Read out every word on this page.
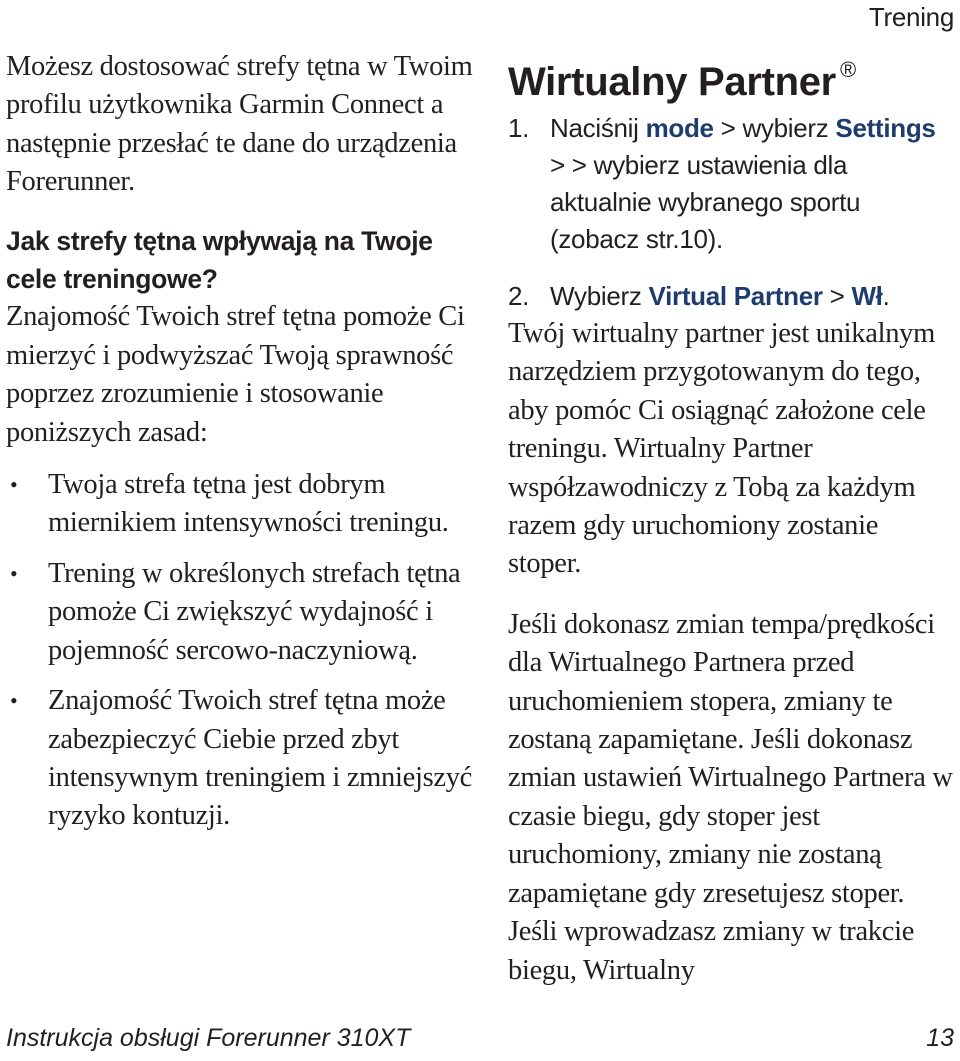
Trening

Możesz dostosować strefy tętna w Twoim profilu użytkownika Garmin Connect a następnie przesłać te dane do urządzenia Forerunner.

Jak strefy tętna wpływają na Twoje cele treningowe?

Znajomość Twoich stref tętna pomoże Ci mierzyć i podwyższać Twoją sprawność poprzez zrozumienie i stosowanie poniższych zasad:

• Twoja strefa tętna jest dobrym miernikiem intensywności treningu.
• Trening w określonych strefach tętna pomoże Ci zwiększyć wydajność i pojemność sercowo-naczyniową.
• Znajomość Twoich stref tętna może zabezpieczyć Ciebie przed zbyt intensywnym treningiem i zmniejszyć ryzyko kontuzji.
Wirtualny Partner ®
1. Naciśnij mode > wybierz Settings > > wybierz ustawienia dla aktualnie wybranego sportu (zobacz str.10).
2. Wybierz Virtual Partner > Wł.

Twój wirtualny partner jest unikalnym narzędziem przygotowanym do tego, aby pomóc Ci osiągnąć założone cele treningu. Wirtualny Partner współzawodniczy z Tobą za każdym razem gdy uruchomiony zostanie stoper.

Jeśli dokonasz zmian tempa/prędkości dla Wirtualnego Partnera przed uruchomieniem stopera, zmiany te zostaną zapamiętane. Jeśli dokonasz zmian ustawień Wirtualnego Partnera w czasie biegu, gdy stoper jest uruchomiony, zmiany nie zostaną zapamiętane gdy zresetujesz stoper. Jeśli wprowadzasz zmiany w trakcie biegu, Wirtualny

Instrukcja obsługi Forerunner 310XT	13
